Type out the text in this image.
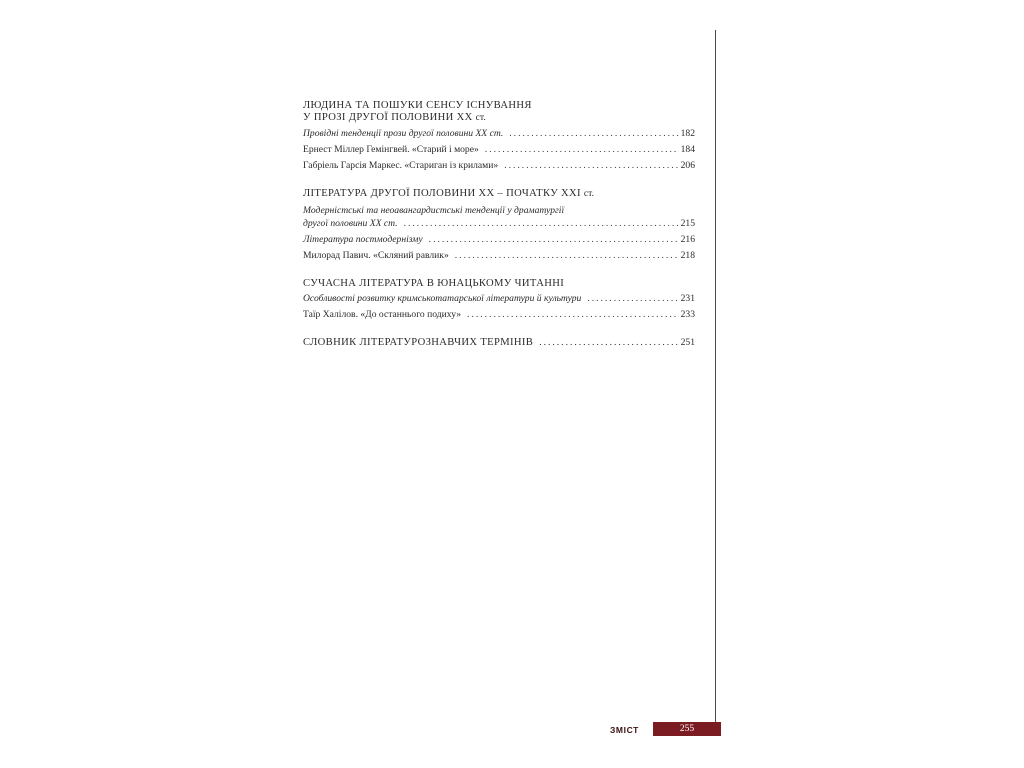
ЛЮДИНА ТА ПОШУКИ СЕНСУ ІСНУВАННЯ
У ПРОЗІ ДРУГОЇ ПОЛОВИНИ XX ст.
Провідні тенденції прози другої половини XX ст. .....	182
Ернест Міллер Гемінгвей. «Старий і море» .....	184
Габріель Гарсія Маркес. «Стариган із крилами» .....	206
ЛІТЕРАТУРА ДРУГОЇ ПОЛОВИНИ XX – ПОЧАТКУ XXI ст.
Модерністські та неоавангардистські тенденції у драматургії
другої половини XX ст. .....	215
Література постмодернізму .....	216
Милорад Павич. «Скляний равлик» .....	218
СУЧАСНА ЛІТЕРАТУРА В ЮНАЦЬКОМУ ЧИТАННІ
Особливості розвитку кримськотатарської літератури й культури .....	231
Таїр Халілов. «До останнього подиху» .....	233
СЛОВНИК ЛІТЕРАТУРОЗНАВЧИХ ТЕРМІНІВ .....	251
ЗМІСТ	255
